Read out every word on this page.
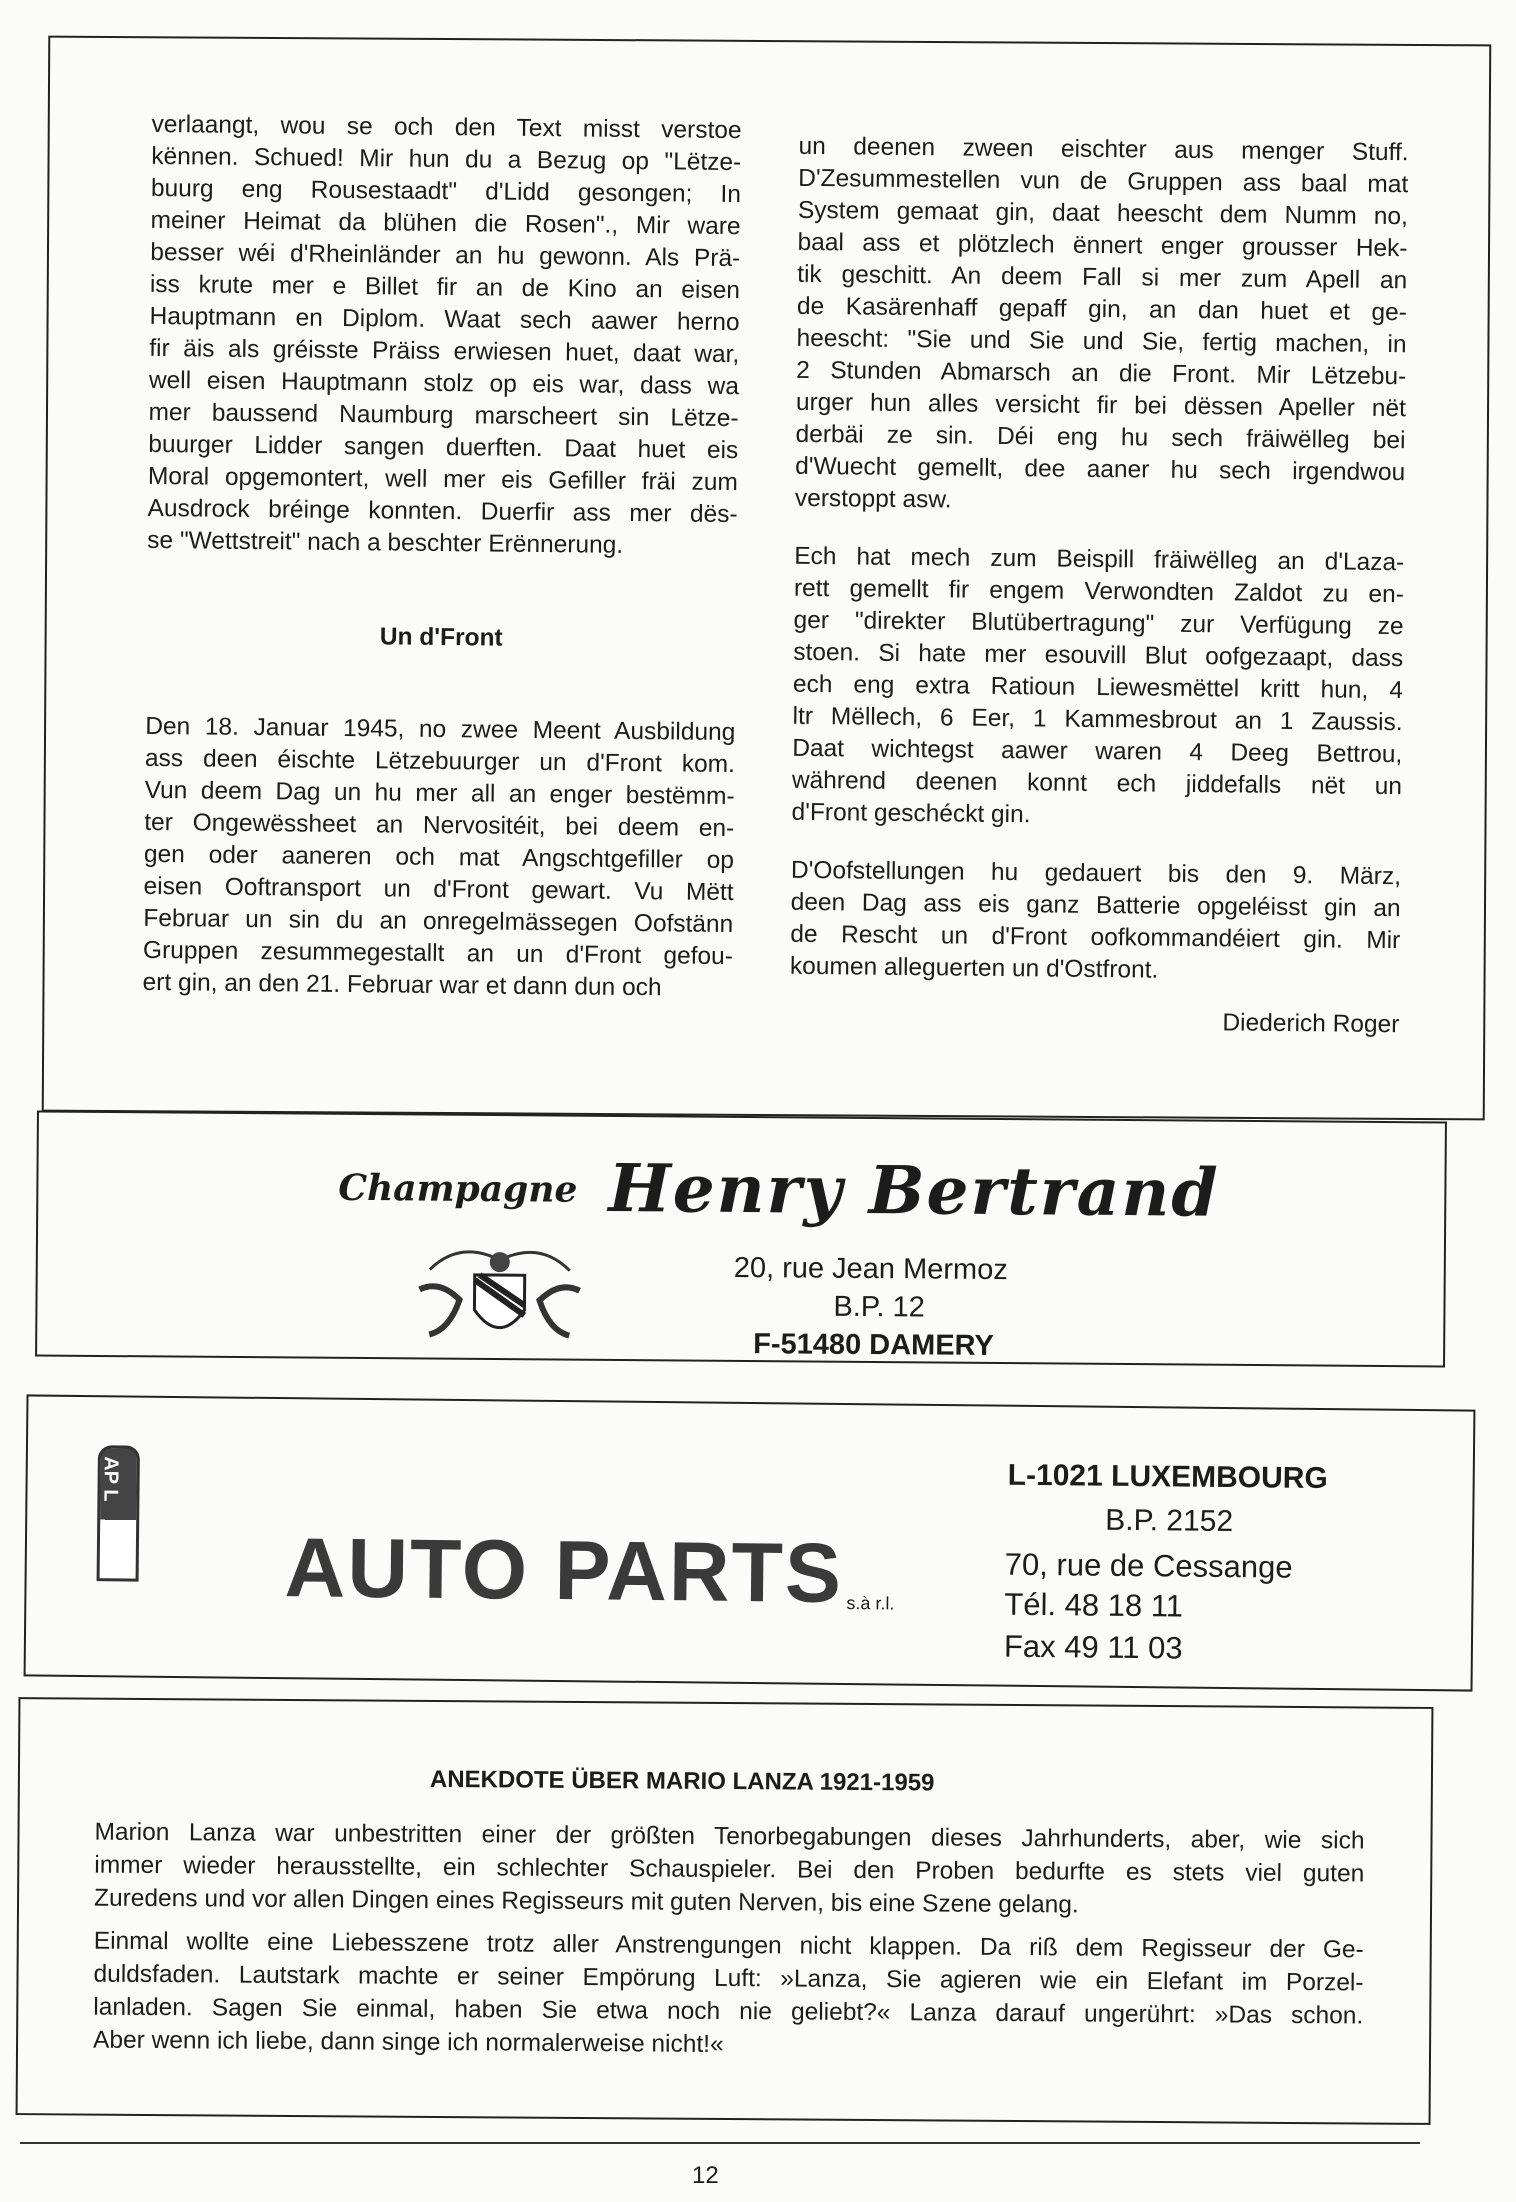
verlaangt, wou se och den Text misst verstoe
kënnen. Schued! Mir hun du a Bezug op "Lëtze-
buurg eng Rousestaadt" d'Lidd gesongen; In
meiner Heimat da blühen die Rosen"., Mir ware
besser wéi d'Rheinländer an hu gewonn. Als Prä-
iss krute mer e Billet fir an de Kino an eisen
Hauptmann en Diplom. Waat sech aawer herno
fir äis als gréisste Präiss erwiesen huet, daat war,
well eisen Hauptmann stolz op eis war, dass wa
mer baussend Naumburg marscheert sin Lëtze-
buurger Lidder sangen duerften. Daat huet eis
Moral opgemontert, well mer eis Gefiller fräi zum
Ausdrock bréinge konnten. Duerfir ass mer dës-
se "Wettstreit" nach a beschter Erënnerung.
Un d'Front
Den 18. Januar 1945, no zwee Meent Ausbildung
ass deen éischte Lëtzebuurger un d'Front kom.
Vun deem Dag un hu mer all an enger bestëmm-
ter Ongewëssheet an Nervositéit, bei deem en-
gen oder aaneren och mat Angschtgefiller op
eisen Ooftransport un d'Front gewart. Vu Mëtt
Februar un sin du an onregelmässegen Oofstänn
Gruppen zesummegestallt an un d'Front gefou-
ert gin, an den 21. Februar war et dann dun och
un deenen zween eischter aus menger Stuff.
D'Zesummestellen vun de Gruppen ass baal mat
System gemaat gin, daat heescht dem Numm no,
baal ass et plötzlech ënnert enger grousser Hek-
tik geschitt. An deem Fall si mer zum Apell an
de Kasärenhaff gepaff gin, an dan huet et ge-
heescht: "Sie und Sie und Sie, fertig machen, in
2 Stunden Abmarsch an die Front. Mir Lëtzebu-
urger hun alles versicht fir bei dëssen Apeller nët
derbäi ze sin. Déi eng hu sech fräiwëlleg bei
d'Wuecht gemellt, dee aaner hu sech irgendwou
verstoppt asw.
Ech hat mech zum Beispill fräiwëlleg an d'Laza-
rett gemellt fir engem Verwondten Zaldot zu en-
ger "direkter Blutübertragung" zur Verfügung ze
stoen. Si hate mer esouvill Blut oofgezaapt, dass
ech eng extra Ratioun Liewesmëttel kritt hun, 4
ltr Mëllech, 6 Eer, 1 Kammesbrout an 1 Zaussis.
Daat wichtegst aawer waren 4 Deeg Bettrou,
während deenen konnt ech jiddefalls nët un
d'Front geschéckt gin.
D'Oofstellungen hu gedauert bis den 9. März,
deen Dag ass eis ganz Batterie opgeléisst gin an
de Rescht un d'Front oofkommandéiert gin. Mir
koumen alleguerten un d'Ostfront.
Diederich Roger
Champagne Henry Bertrand
20, rue Jean Mermoz
B.P. 12
F-51480 DAMERY
AP L
AUTO PARTS s.à r.l.
L-1021 LUXEMBOURG
B.P. 2152
70, rue de Cessange
Tél. 48 18 11
Fax 49 11 03
ANEKDOTE ÜBER MARIO LANZA 1921-1959
Marion Lanza war unbestritten einer der größten Tenorbegabungen dieses Jahrhunderts, aber, wie sich
immer wieder herausstellte, ein schlechter Schauspieler. Bei den Proben bedurfte es stets viel guten
Zuredens und vor allen Dingen eines Regisseurs mit guten Nerven, bis eine Szene gelang.
Einmal wollte eine Liebesszene trotz aller Anstrengungen nicht klappen. Da riß dem Regisseur der Ge-
duldsfaden. Lautstark machte er seiner Empörung Luft: »Lanza, Sie agieren wie ein Elefant im Porzel-
lanladen. Sagen Sie einmal, haben Sie etwa noch nie geliebt?« Lanza darauf ungerührt: »Das schon.
Aber wenn ich liebe, dann singe ich normalerweise nicht!«
12
